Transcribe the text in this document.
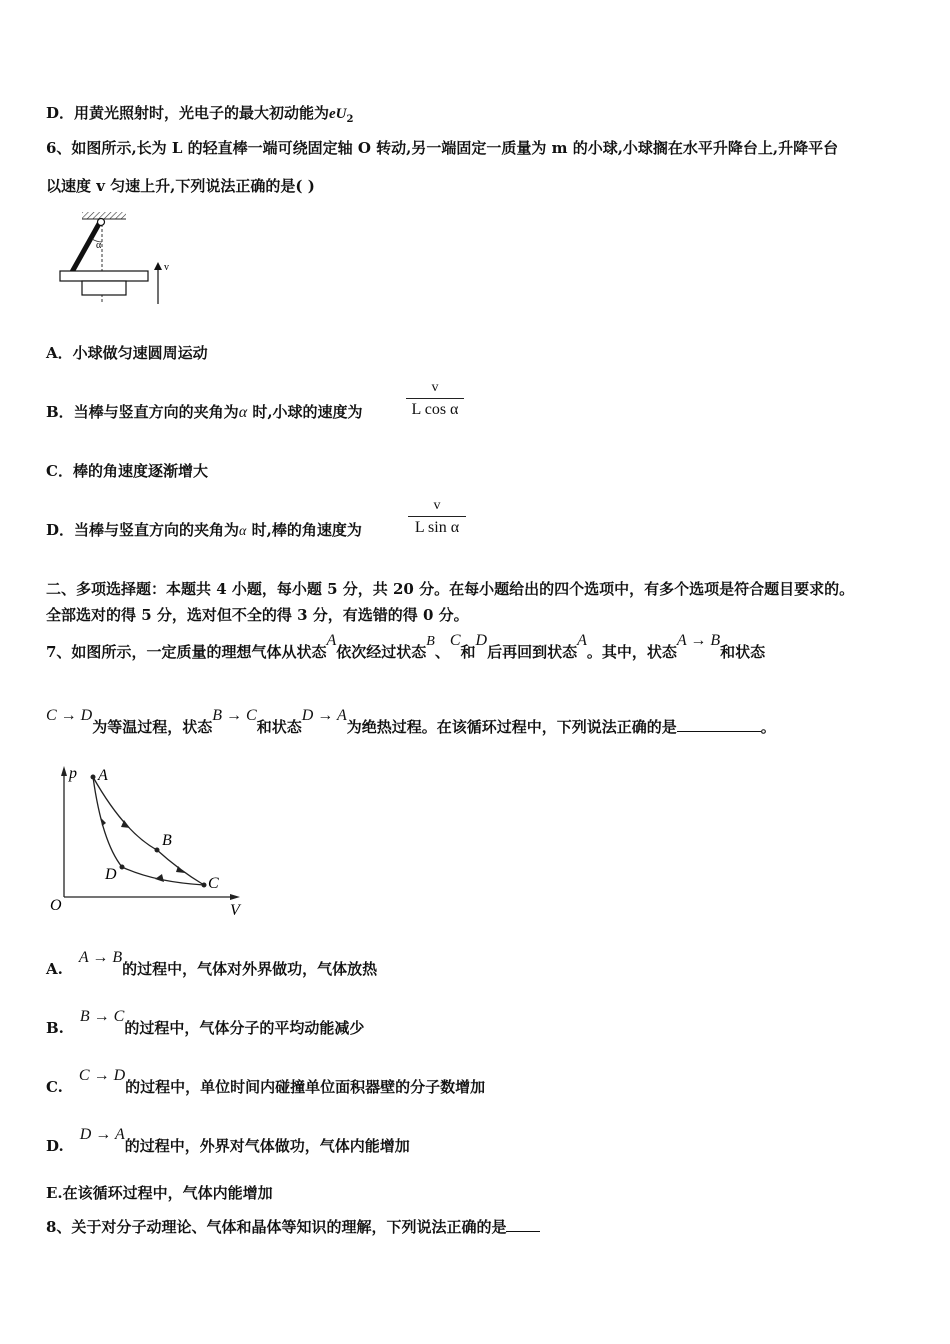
D．用黄光照射时，光电子的最大初动能为$eU_2$
6、如图所示,长为 L 的轻直棒一端可绕固定轴 O 转动,另一端固定一质量为 m 的小球,小球搁在水平升降台上,升降平台
以速度 v 匀速上升,下列说法正确的是( )
α
v
A．小球做匀速圆周运动
B．当棒与竖直方向的夹角为α 时,小球的速度为	$\frac{v}{\text{L cos α}}$
C．棒的角速度逐渐增大
D．当棒与竖直方向的夹角为α 时,棒的角速度为	$\frac{v}{\text{L sin α}}$
二、多项选择题：本题共 4 小题，每小题 5 分，共 20 分。在每小题给出的四个选项中，有多个选项是符合题目要求的。
全部选对的得 5 分，选对但不全的得 3 分，有选错的得 0 分。
7、如图所示，一定质量的理想气体从状态A依次经过状态B、C和D后再回到状态A。其中，状态A → B和状态
C → D为等温过程，状态B → C和状态D → A为绝热过程。在该循环过程中，下列说法正确的是	。
p
V
O
A
B
C
D
A.A → B的过程中，气体对外界做功，气体放热
B.B → C的过程中，气体分子的平均动能减少
C.C → D的过程中，单位时间内碰撞单位面积器壁的分子数增加
D.D → A的过程中，外界对气体做功，气体内能增加
E.在该循环过程中，气体内能增加
8、关于对分子动理论、气体和晶体等知识的理解，下列说法正确的是
